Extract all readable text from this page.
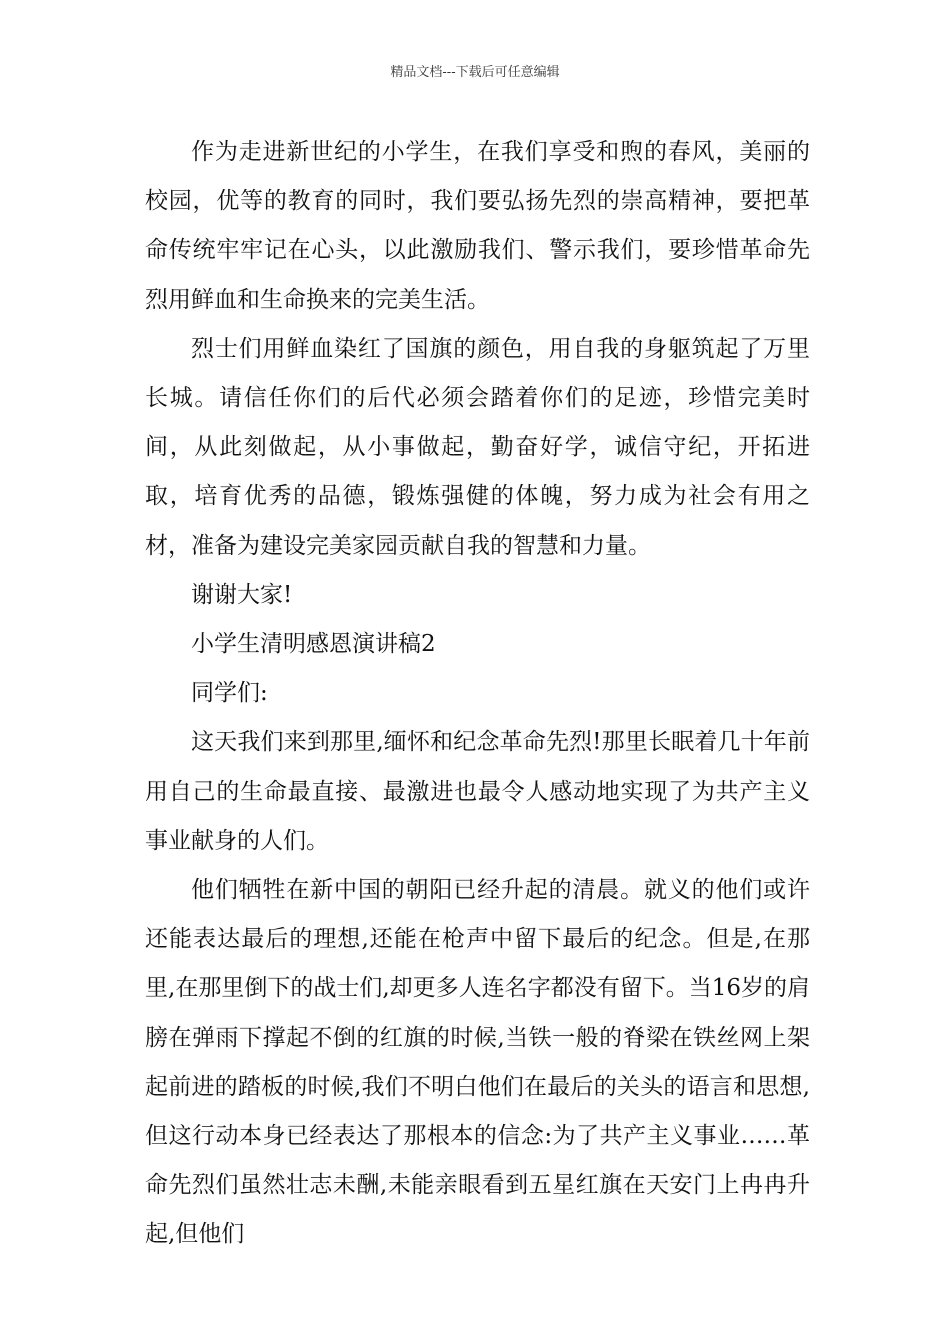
精品文档---下载后可任意编辑

作为走进新世纪的小学生，在我们享受和煦的春风，美丽的校园，优等的教育的同时，我们要弘扬先烈的崇高精神，要把革命传统牢牢记在心头，以此激励我们、警示我们，要珍惜革命先烈用鲜血和生命换来的完美生活。

烈士们用鲜血染红了国旗的颜色，用自我的身躯筑起了万里长城。请信任你们的后代必须会踏着你们的足迹，珍惜完美时间，从此刻做起，从小事做起，勤奋好学，诚信守纪，开拓进取，培育优秀的品德，锻炼强健的体魄，努力成为社会有用之材，准备为建设完美家园贡献自我的智慧和力量。

谢谢大家!

小学生清明感恩演讲稿2

同学们:

这天我们来到那里,缅怀和纪念革命先烈!那里长眠着几十年前用自己的生命最直接、最激进也最令人感动地实现了为共产主义事业献身的人们。

他们牺牲在新中国的朝阳已经升起的清晨。就义的他们或许还能表达最后的理想,还能在枪声中留下最后的纪念。但是,在那里,在那里倒下的战士们,却更多人连名字都没有留下。当16岁的肩膀在弹雨下撑起不倒的红旗的时候,当铁一般的脊梁在铁丝网上架起前进的踏板的时候,我们不明白他们在最后的关头的语言和思想,但这行动本身已经表达了那根本的信念:为了共产主义事业……革命先烈们虽然壮志未酬,未能亲眼看到五星红旗在天安门上冉冉升起,但他们
